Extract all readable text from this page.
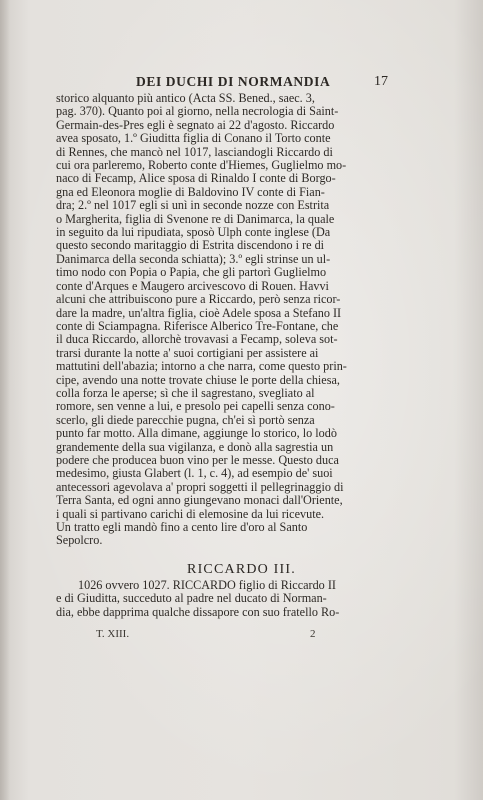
DEI DUCHI DI NORMANDIA	17
storico alquanto più antico (Acta SS. Bened., saec. 3,
pag. 370). Quanto poi al giorno, nella necrologia di Saint-
Germain-des-Pres egli è segnato ai 22 d'agosto. Riccardo
avea sposato, 1.º Giuditta figlia di Conano il Torto conte
di Rennes, che mancò nel 1017, lasciandogli Riccardo di
cui ora parleremo, Roberto conte d'Hiemes, Guglielmo mo-
naco di Fecamp, Alice sposa di Rinaldo I conte di Borgo-
gna ed Eleonora moglie di Baldovino IV conte di Fian-
dra; 2.º nel 1017 egli si unì in seconde nozze con Estrita
o Margherita, figlia di Svenone re di Danimarca, la quale
in seguito da lui ripudiata, sposò Ulph conte inglese (Da
questo secondo maritaggio di Estrita discendono i re di
Danimarca della seconda schiatta); 3.º egli strinse un ul-
timo nodo con Popia o Papia, che gli partorì Guglielmo
conte d'Arques e Maugero arcivescovo di Rouen. Havvi
alcuni che attribuiscono pure a Riccardo, però senza ricor-
dare la madre, un'altra figlia, cioè Adele sposa a Stefano II
conte di Sciampagna. Riferisce Alberico Tre-Fontane, che
il duca Riccardo, allorchè trovavasi a Fecamp, soleva sot-
trarsi durante la notte a' suoi cortigiani per assistere ai
mattutini dell'abazia; intorno a che narra, come questo prin-
cipe, avendo una notte trovate chiuse le porte della chiesa,
colla forza le aperse; sì che il sagrestano, svegliato al
romore, sen venne a lui, e presolo pei capelli senza cono-
scerlo, gli diede parecchie pugna, ch'ei sì portò senza
punto far motto. Alla dimane, aggiunge lo storico, lo lodò
grandemente della sua vigilanza, e donò alla sagrestia un
podere che producea buon vino per le messe. Questo duca
medesimo, giusta Glabert (l. 1, c. 4), ad esempio de' suoi
antecessori agevolava a' propri soggetti il pellegrinaggio di
Terra Santa, ed ogni anno giungevano monaci dall'Oriente,
i quali si partivano carichi di elemosine da lui ricevute.
Un tratto egli mandò fino a cento lire d'oro al Santo
Sepolcro.
RICCARDO III.
1026 ovvero 1027. RICCARDO figlio di Riccardo II
e di Giuditta, succeduto al padre nel ducato di Norman-
dia, ebbe dapprima qualche dissapore con suo fratello Ro-
T. XIII.	2
